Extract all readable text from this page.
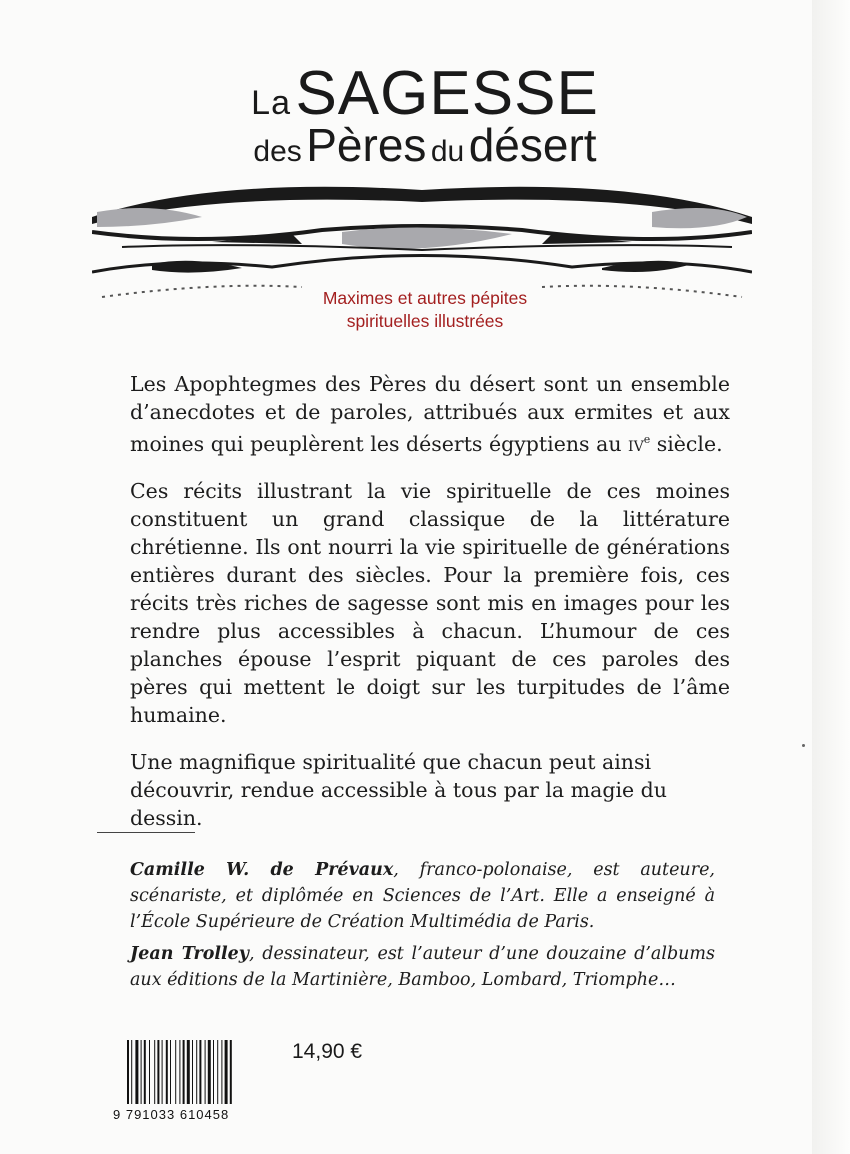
La SAGESSE
des Pères du désert
Maximes et autres pépites
spirituelles illustrées

Les Apophtegmes des Pères du désert sont un ensemble d’anecdotes et de paroles, attribués aux ermites et aux moines qui peuplèrent les déserts égyptiens au $iv^e$ siècle.

Ces récits illustrant la vie spirituelle de ces moines constituent un grand classique de la littérature chrétienne. Ils ont nourri la vie spirituelle de générations entières durant des siècles. Pour la première fois, ces récits très riches de sagesse sont mis en images pour les rendre plus accessibles à chacun. L’humour de ces planches épouse l’esprit piquant de ces paroles des pères qui mettent le doigt sur les turpitudes de l’âme humaine.

Une magnifique spiritualité que chacun peut ainsi découvrir, rendue accessible à tous par la magie du dessin.

Camille W. de Prévaux, franco-polonaise, est auteure, scénariste, et diplômée en Sciences de l’Art. Elle a enseigné à l’École Supérieure de Création Multimédia de Paris.

Jean Trolley, dessinateur, est l’auteur d’une douzaine d’albums aux éditions de la Martinière, Bamboo, Lombard, Triomphe…

14,90 €
9 791033 610458
